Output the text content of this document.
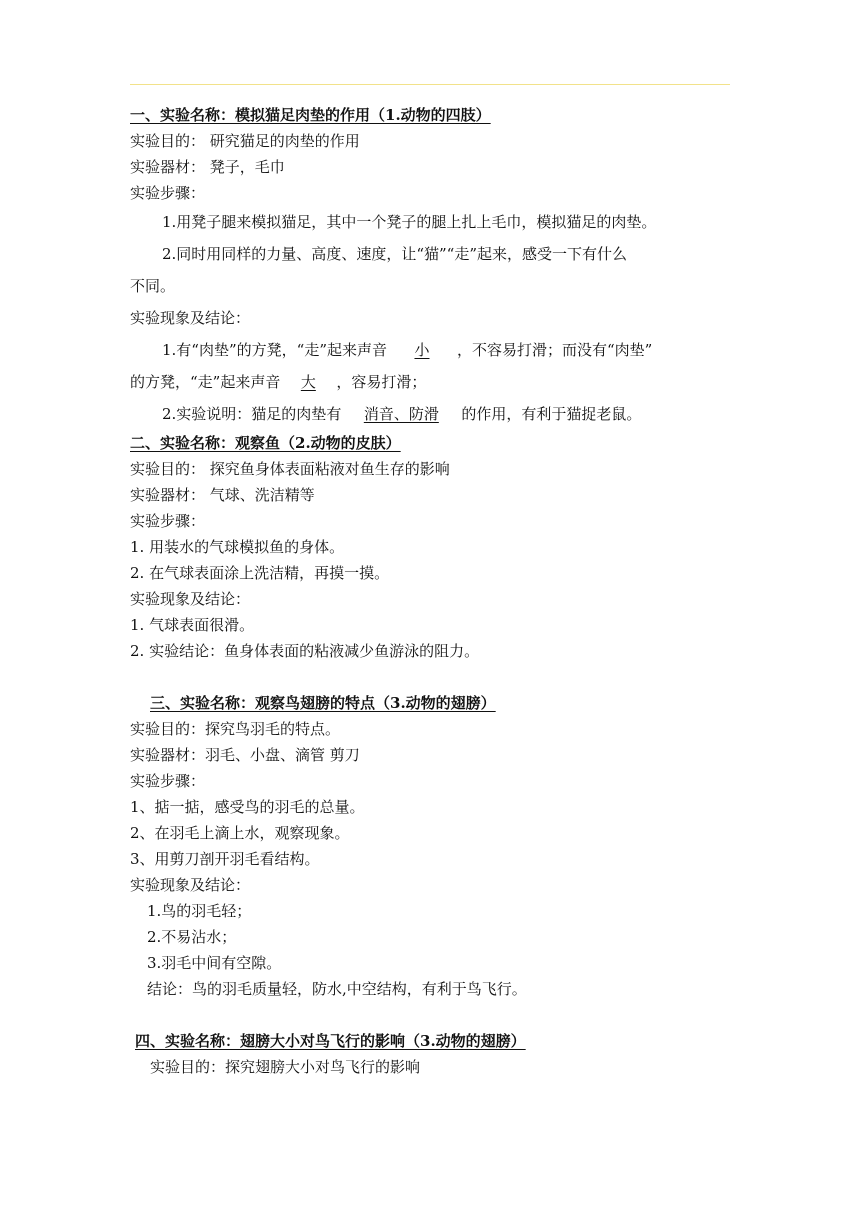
一、实验名称：模拟猫足肉垫的作用（1.动物的四肢）
实验目的： 研究猫足的肉垫的作用
实验器材： 凳子，毛巾
实验步骤：
1.用凳子腿来模拟猫足，其中一个凳子的腿上扎上毛巾，模拟猫足的肉垫。
2.同时用同样的力量、高度、速度，让“猫”“走”起来，感受一下有什么
不同。
实验现象及结论：
1.有“肉垫”的方凳，“走”起来声音 小 ，不容易打滑；而没有“肉垫”
的方凳，“走”起来声音 大 ，容易打滑；
2.实验说明：猫足的肉垫有 消音、防滑 的作用，有利于猫捉老鼠。
二、实验名称：观察鱼（2.动物的皮肤）
实验目的： 探究鱼身体表面粘液对鱼生存的影响
实验器材： 气球、洗洁精等
实验步骤：
1. 用装水的气球模拟鱼的身体。
2. 在气球表面涂上洗洁精，再摸一摸。
实验现象及结论：
1. 气球表面很滑。
2. 实验结论：鱼身体表面的粘液减少鱼游泳的阻力。
三、实验名称：观察鸟翅膀的特点（3.动物的翅膀）
实验目的：探究鸟羽毛的特点。
实验器材：羽毛、小盘、滴管 剪刀
实验步骤：
1、掂一掂，感受鸟的羽毛的总量。
2、在羽毛上滴上水，观察现象。
3、用剪刀剖开羽毛看结构。
实验现象及结论：
1.鸟的羽毛轻；
2.不易沾水；
3.羽毛中间有空隙。
结论：鸟的羽毛质量轻，防水,中空结构，有利于鸟飞行。
四、实验名称：翅膀大小对鸟飞行的影响（3.动物的翅膀）
实验目的：探究翅膀大小对鸟飞行的影响
